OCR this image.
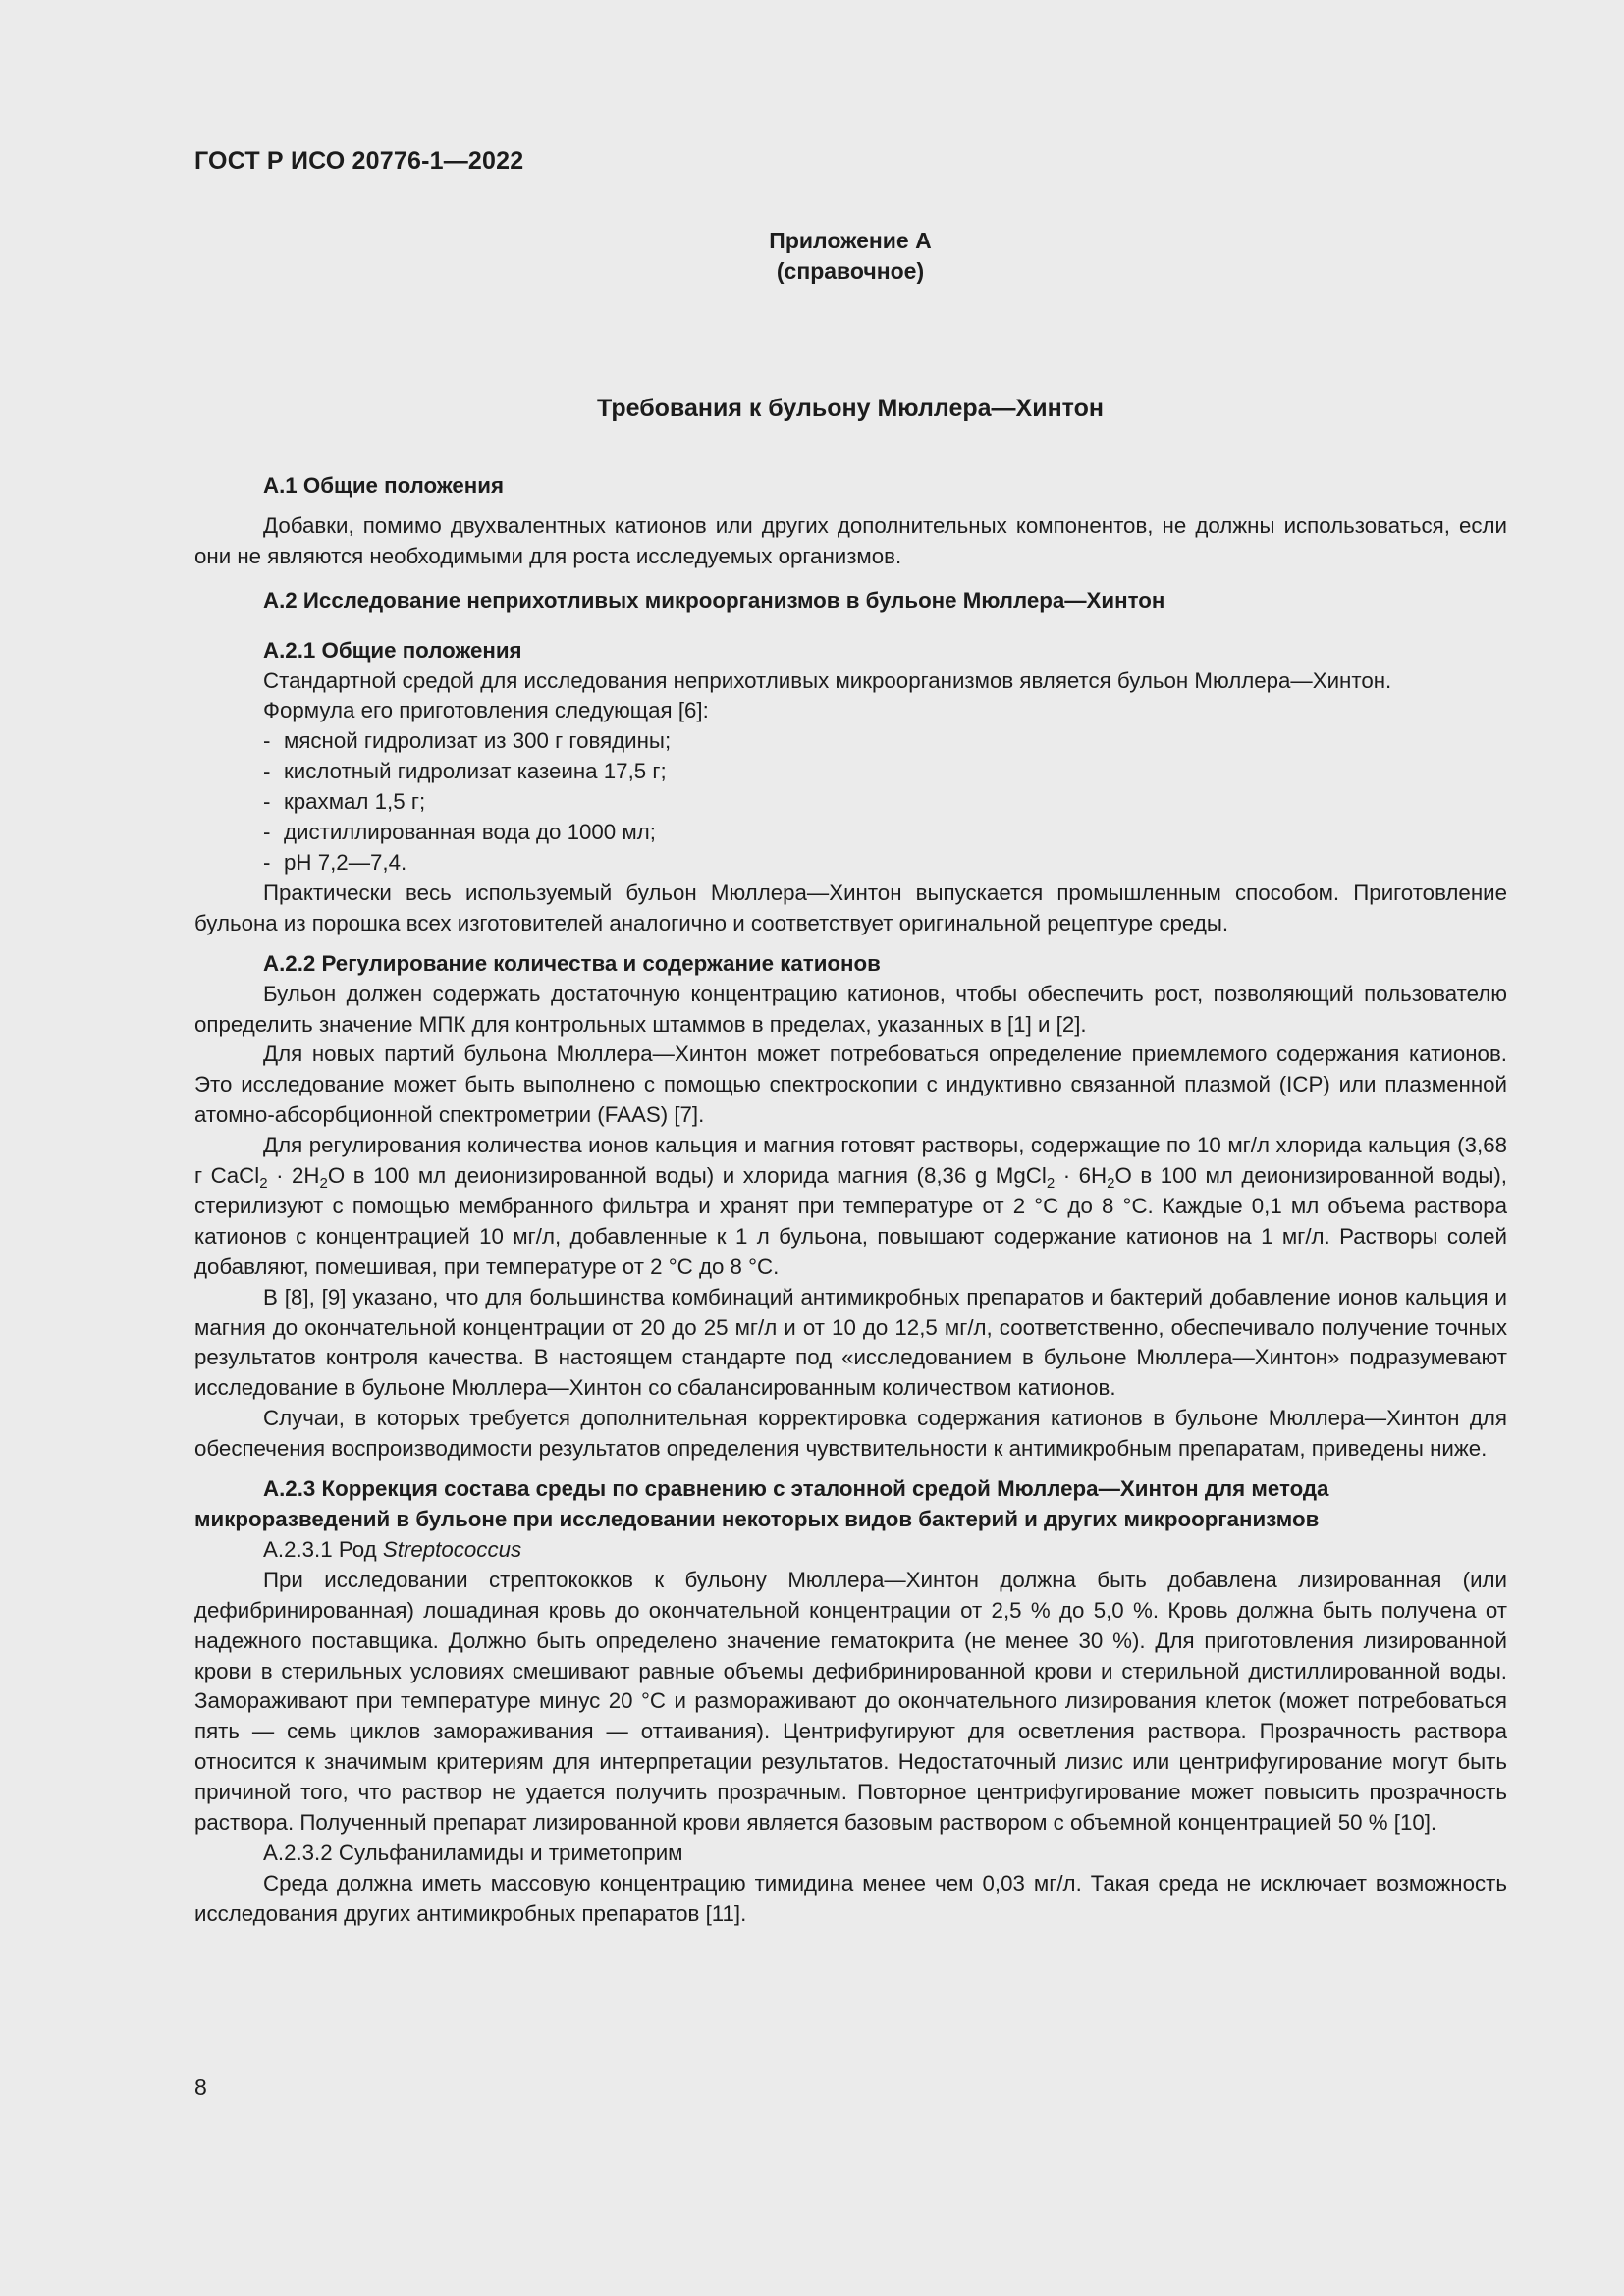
ГОСТ Р ИСО 20776-1—2022
Приложение А
(справочное)
Требования к бульону Мюллера—Хинтон
А.1 Общие положения

Добавки, помимо двухвалентных катионов или других дополнительных компонентов, не должны использоваться, если они не являются необходимыми для роста исследуемых организмов.

А.2 Исследование неприхотливых микроорганизмов в бульоне Мюллера—Хинтон
А.2.1 Общие положения

Стандартной средой для исследования неприхотливых микроорганизмов является бульон Мюллера—Хинтон.

Формула его приготовления следующая [6]:

- мясной гидролизат из 300 г говядины;
- кислотный гидролизат казеина 17,5 г;
- крахмал 1,5 г;
- дистиллированная вода до 1000 мл;
- pH 7,2—7,4.

Практически весь используемый бульон Мюллера—Хинтон выпускается промышленным способом. Приготовление бульона из порошка всех изготовителей аналогично и соответствует оригинальной рецептуре среды.

А.2.2 Регулирование количества и содержание катионов

Бульон должен содержать достаточную концентрацию катионов, чтобы обеспечить рост, позволяющий пользователю определить значение МПК для контрольных штаммов в пределах, указанных в [1] и [2].

Для новых партий бульона Мюллера—Хинтон может потребоваться определение приемлемого содержания катионов. Это исследование может быть выполнено с помощью спектроскопии с индуктивно связанной плазмой (ICP) или плазменной атомно-абсорбционной спектрометрии (FAAS) [7].

Для регулирования количества ионов кальция и магния готовят растворы, содержащие по 10 мг/л хлорида кальция (3,68 г CaCl$_2$ · $2H_2O$ в 100 мл деионизированной воды) и хлорида магния (8,36 g MgCl$_2$ · $6H_2O$ в 100 мл деионизированной воды), стерилизуют с помощью мембранного фильтра и хранят при температуре от 2 °C до 8 °C. Каждые 0,1 мл объема раствора катионов с концентрацией 10 мг/л, добавленные к 1 л бульона, повышают содержание катионов на 1 мг/л. Растворы солей добавляют, помешивая, при температуре от 2 °C до 8 °C.

В [8], [9] указано, что для большинства комбинаций антимикробных препаратов и бактерий добавление ионов кальция и магния до окончательной концентрации от 20 до 25 мг/л и от 10 до 12,5 мг/л, соответственно, обеспечивало получение точных результатов контроля качества. В настоящем стандарте под «исследованием в бульоне Мюллера—Хинтон» подразумевают исследование в бульоне Мюллера—Хинтон со сбалансированным количеством катионов.

Случаи, в которых требуется дополнительная корректировка содержания катионов в бульоне Мюллера—Хинтон для обеспечения воспроизводимости результатов определения чувствительности к антимикробным препаратам, приведены ниже.

А.2.3 Коррекция состава среды по сравнению с эталонной средой Мюллера—Хинтон для метода микроразведений в бульоне при исследовании некоторых видов бактерий и других микроорганизмов
А.2.3.1 Род Streptococcus

При исследовании стрептококков к бульону Мюллера—Хинтон должна быть добавлена лизированная (или дефибринированная) лошадиная кровь до окончательной концентрации от 2,5 % до 5,0 %. Кровь должна быть получена от надежного поставщика. Должно быть определено значение гематокрита (не менее 30 %). Для приготовления лизированной крови в стерильных условиях смешивают равные объемы дефибринированной крови и стерильной дистиллированной воды. Замораживают при температуре минус 20 °С и размораживают до окончательного лизирования клеток (может потребоваться пять — семь циклов замораживания — оттаивания). Центрифугируют для осветления раствора. Прозрачность раствора относится к значимым критериям для интерпретации результатов. Недостаточный лизис или центрифугирование могут быть причиной того, что раствор не удается получить прозрачным. Повторное центрифугирование может повысить прозрачность раствора. Полученный препарат лизированной крови является базовым раствором с объемной концентрацией 50 % [10].

А.2.3.2 Сульфаниламиды и триметоприм

Среда должна иметь массовую концентрацию тимидина менее чем 0,03 мг/л. Такая среда не исключает возможность исследования других антимикробных препаратов [11].

8
